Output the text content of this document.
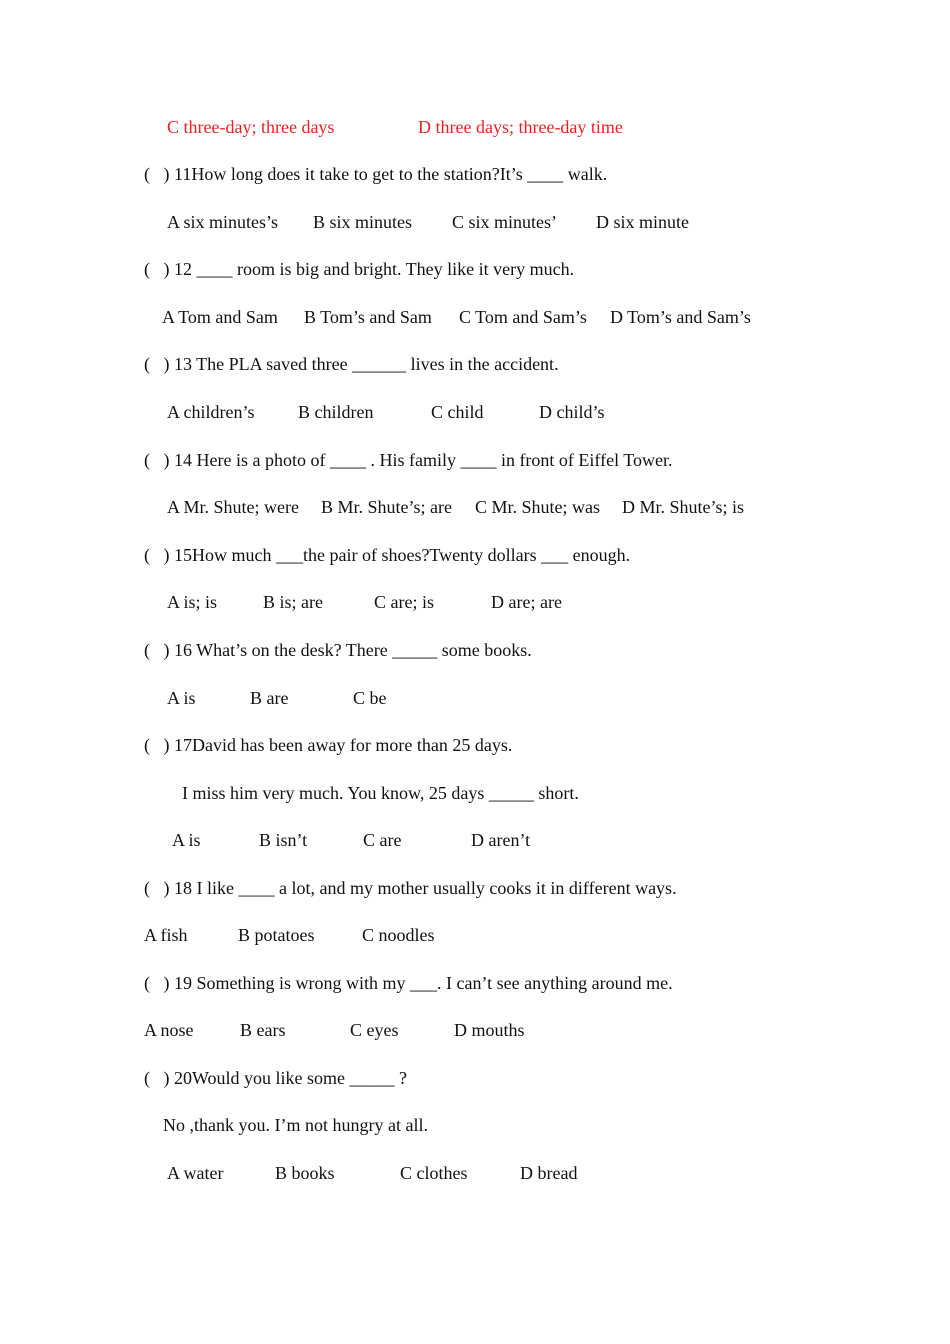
C three-day; three days	D three days; three-day time
(   ) 11How long does it take to get to the station?It’s ____ walk.
A six minutes’s B six minutes C six minutes’ D six minute
(   ) 12 ____ room is big and bright. They like it very much.
A Tom and Sam B Tom’s and Sam C Tom and Sam’s D Tom’s and Sam’s
(   ) 13 The PLA saved three ______ lives in the accident.
A children’s B children	C child	D child’s
(   ) 14 Here is a photo of ____ . His family ____ in front of Eiffel Tower.
A Mr. Shute; were B Mr. Shute’s; are C Mr. Shute; was D Mr. Shute’s; is
(   ) 15How much ___the pair of shoes?Twenty dollars ___ enough.
A is; is	B is; are	C are; is	D are; are
(   ) 16 What’s on the desk? There _____ some books.
A is	B are	C be
(   ) 17David has been away for more than 25 days.
I miss him very much. You know, 25 days _____ short.
A is	B isn’t	C are	D aren’t
(   ) 18 I like ____ a lot, and my mother usually cooks it in different ways.
A fish	B potatoes	C noodles
(   ) 19 Something is wrong with my ___. I can’t see anything around me.
A nose	B ears	C eyes	D mouths
(   ) 20Would you like some _____ ?
No ,thank you. I’m not hungry at all.
A water	B books	C clothes	D bread
